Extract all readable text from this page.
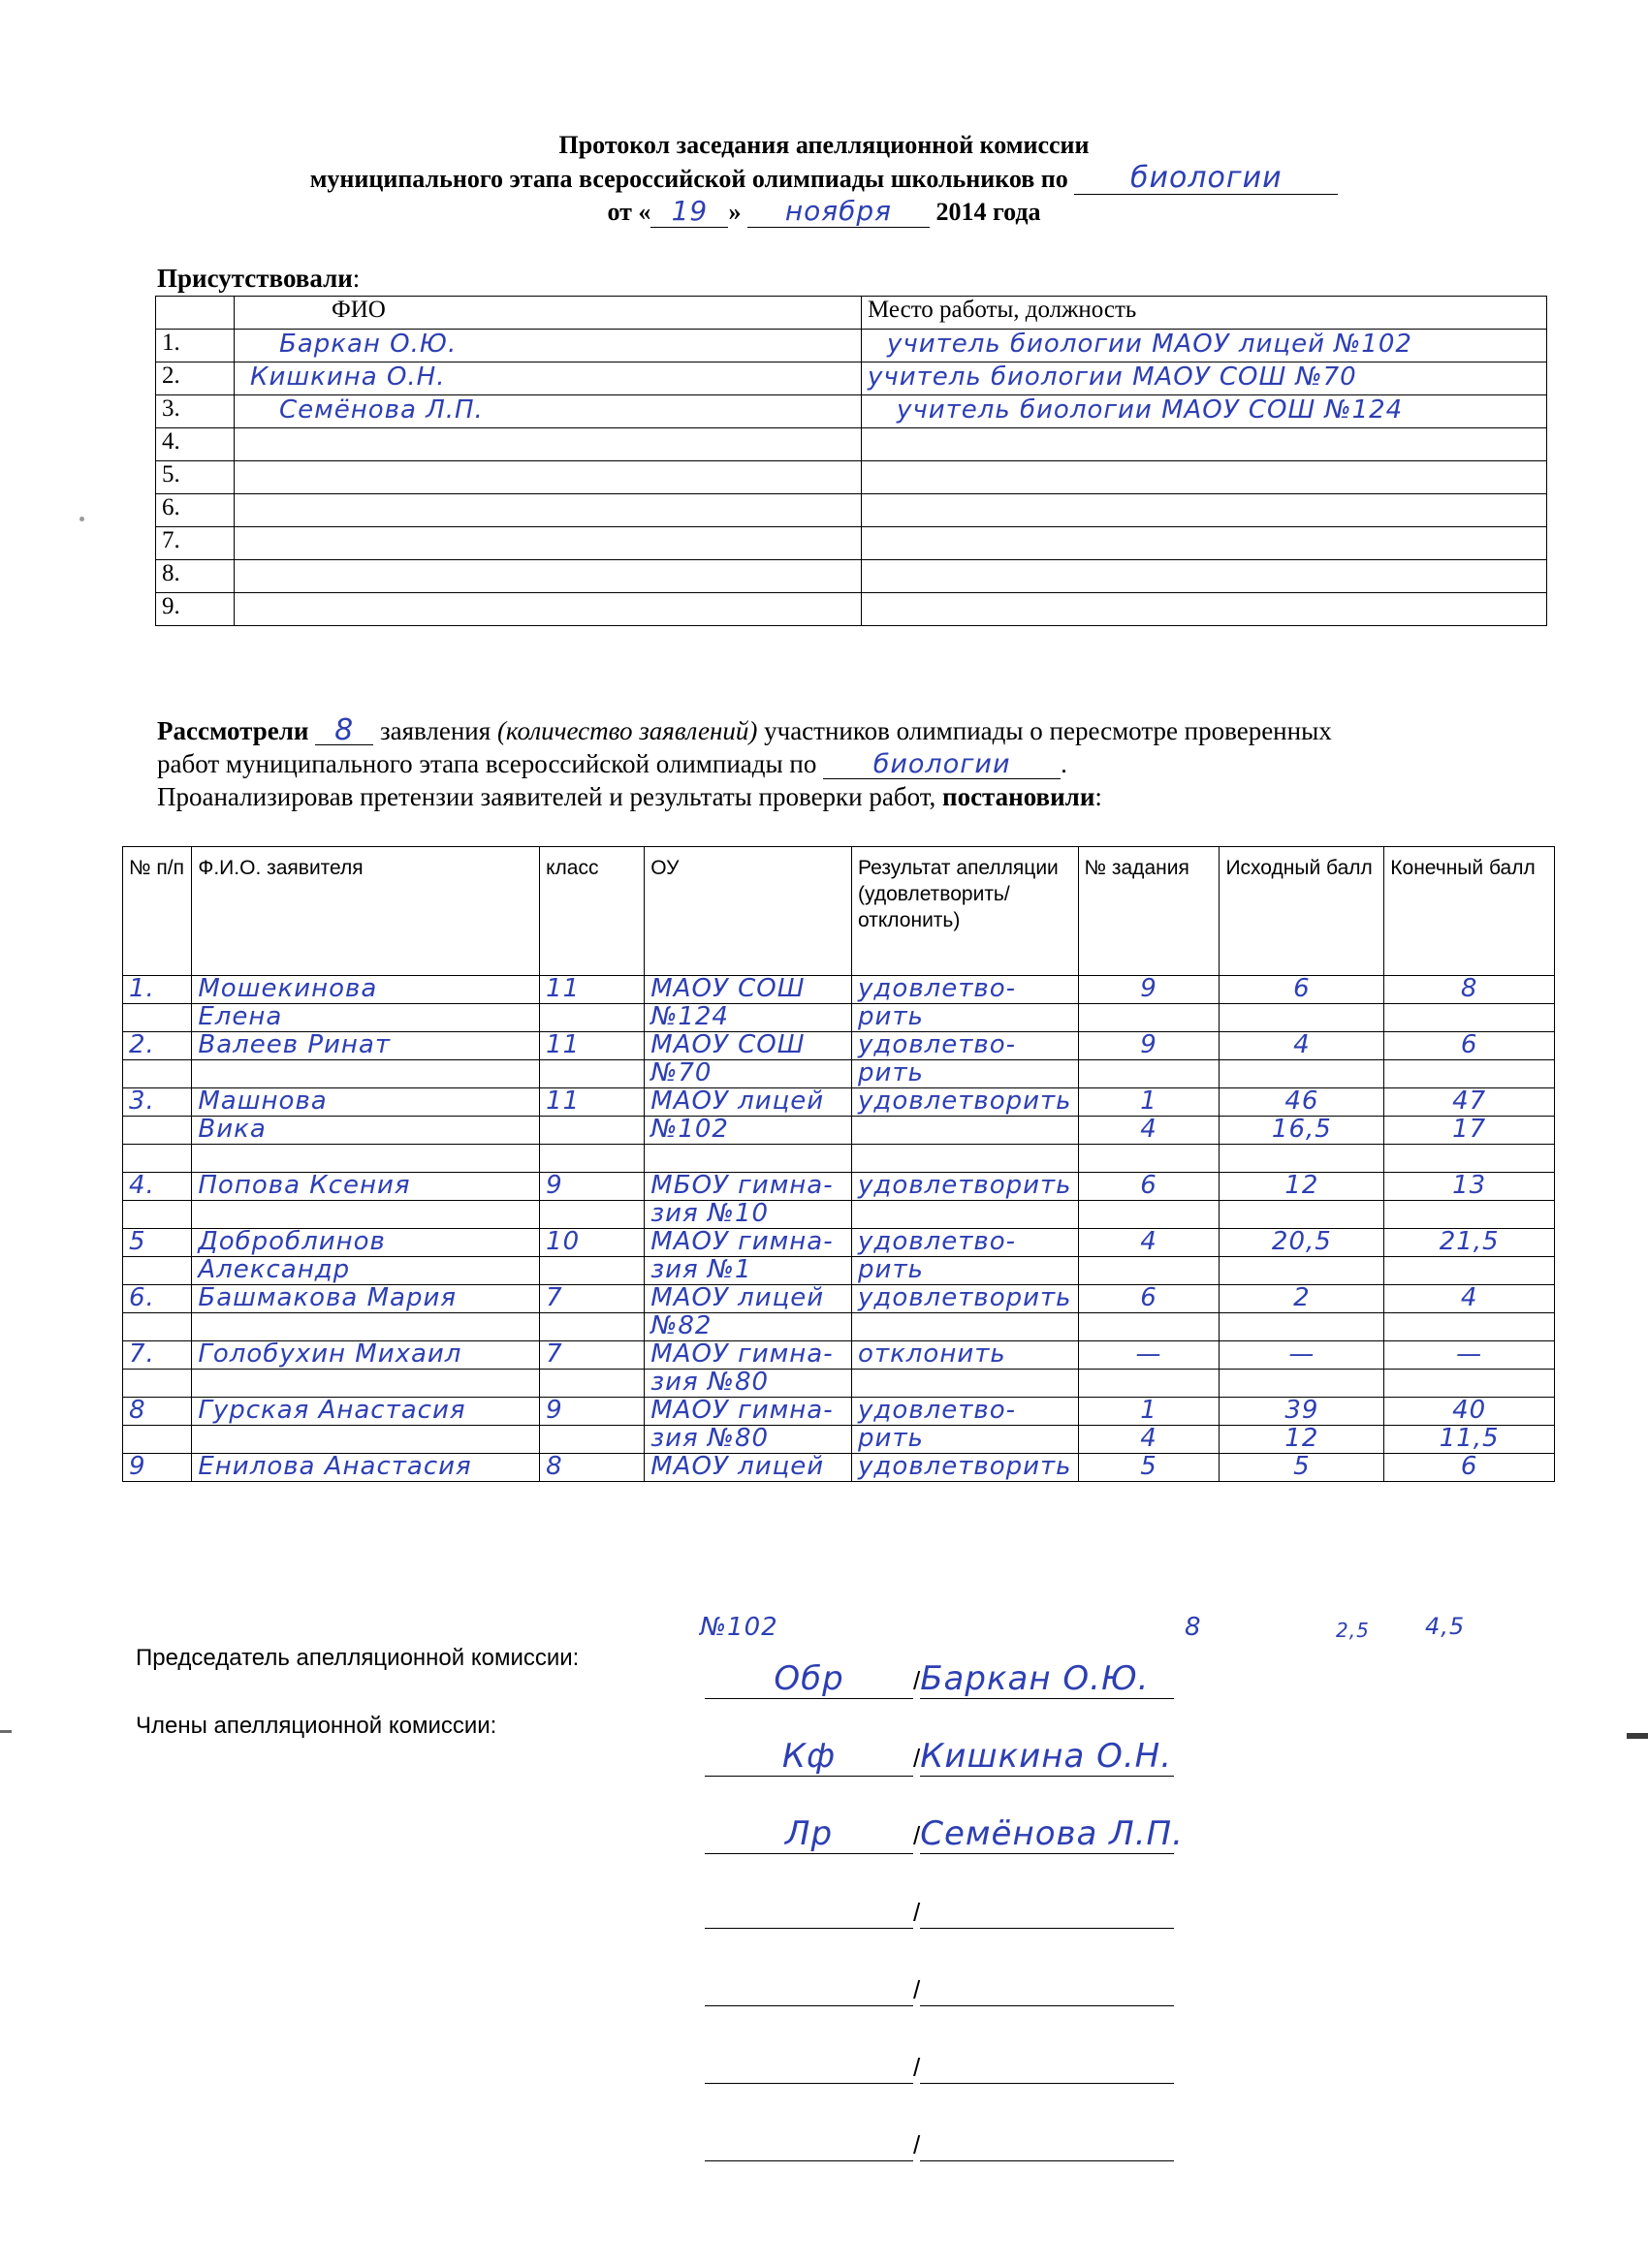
Протокол заседания апелляционной комиссии
муниципального этапа всероссийской олимпиады школьников по биологии
от « 19 » ноября 2014 года
Присутствовали:
	ФИО	Место работы, должность
1.	Баркан О.Ю.	учитель биологии МАОУ лицей №102
2.	Кишкина О.Н.	учитель биологии МАОУ СОШ №70
3.	Семёнова Л.П.	учитель биологии МАОУ СОШ №124
4.		
5.		
6.		
7.		
8.		
9.		
Рассмотрели 8 заявления (количество заявлений) участников олимпиады о пересмотре проверенных
работ муниципального этапа всероссийской олимпиады по биологии .
Проанализировав претензии заявителей и результаты проверки работ, постановили:
№ п/п	Ф.И.О. заявителя	класс	ОУ	Результат апелляции (удовлетворить/ отклонить)	№ задания	Исходный балл	Конечный балл
1.	Мошекинова	11	МАОУ СОШ	удовлетво-	9	6	8
	Елена		№124	рить			
2.	Валеев Ринат	11	МАОУ СОШ	удовлетво-	9	4	6
			№70	рить			
3.	Машнова	11	МАОУ лицей	удовлетворить	1	46	47
	Вика		№102		4	16,5	17

4.	Попова Ксения	9	МБОУ гимна-	удовлетворить	6	12	13
			зия №10				
5	Доброблинов	10	МАОУ гимна-	удовлетво-	4	20,5	21,5
	Александр		зия №1	рить			
6.	Башмакова Мария	7	МАОУ лицей	удовлетворить	6	2	4
			№82				
7.	Голобухин Михаил	7	МАОУ гимна-	отклонить	—	—	—
			зия №80				
8	Гурская Анастасия	9	МАОУ гимна-	удовлетво-	1	39	40
			зия №80	рить	4	12	11,5
9	Енилова Анастасия	8	МАОУ лицей	удовлетворить	5	5	6
№102	8	2,5 4,5
Председатель апелляционной комиссии:
Члены апелляционной комиссии:
Обр	/Баркан О.Ю.
Кф	/Кишкина О.Н.
Лр	/Семёнова Л.П.
/
/
/
/
